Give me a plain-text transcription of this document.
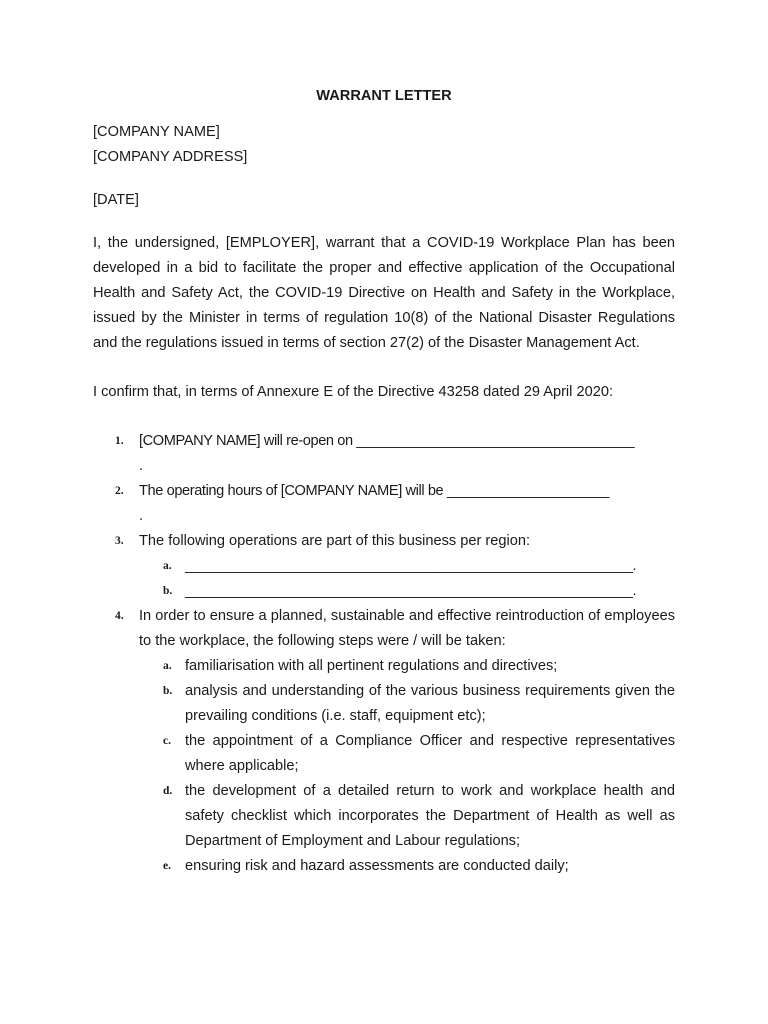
WARRANT LETTER
[COMPANY NAME]
[COMPANY ADDRESS]
[DATE]

I, the undersigned, [EMPLOYER], warrant that a COVID-19 Workplace Plan has been developed in a bid to facilitate the proper and effective application of the Occupational Health and Safety Act, the COVID-19 Directive on Health and Safety in the Workplace, issued by the Minister in terms of regulation 10(8) of the National Disaster Regulations and the regulations issued in terms of section 27(2) of the Disaster Management Act.

I confirm that, in terms of Annexure E of the Directive 43258 dated 29 April 2020:

1. [COMPANY NAME] will re-open on ____________________________________
.
2. The operating hours of [COMPANY NAME] will be _____________________
.
3. The following operations are part of this business per region:
a. __________________________________________________________.
b. __________________________________________________________.
4. In order to ensure a planned, sustainable and effective reintroduction of employees to the workplace, the following steps were / will be taken:
a. familiarisation with all pertinent regulations and directives;
b. analysis and understanding of the various business requirements given the prevailing conditions (i.e. staff, equipment etc);
c. the appointment of a Compliance Officer and respective representatives where applicable;
d. the development of a detailed return to work and workplace health and safety checklist which incorporates the Department of Health as well as Department of Employment and Labour regulations;
e. ensuring risk and hazard assessments are conducted daily;
